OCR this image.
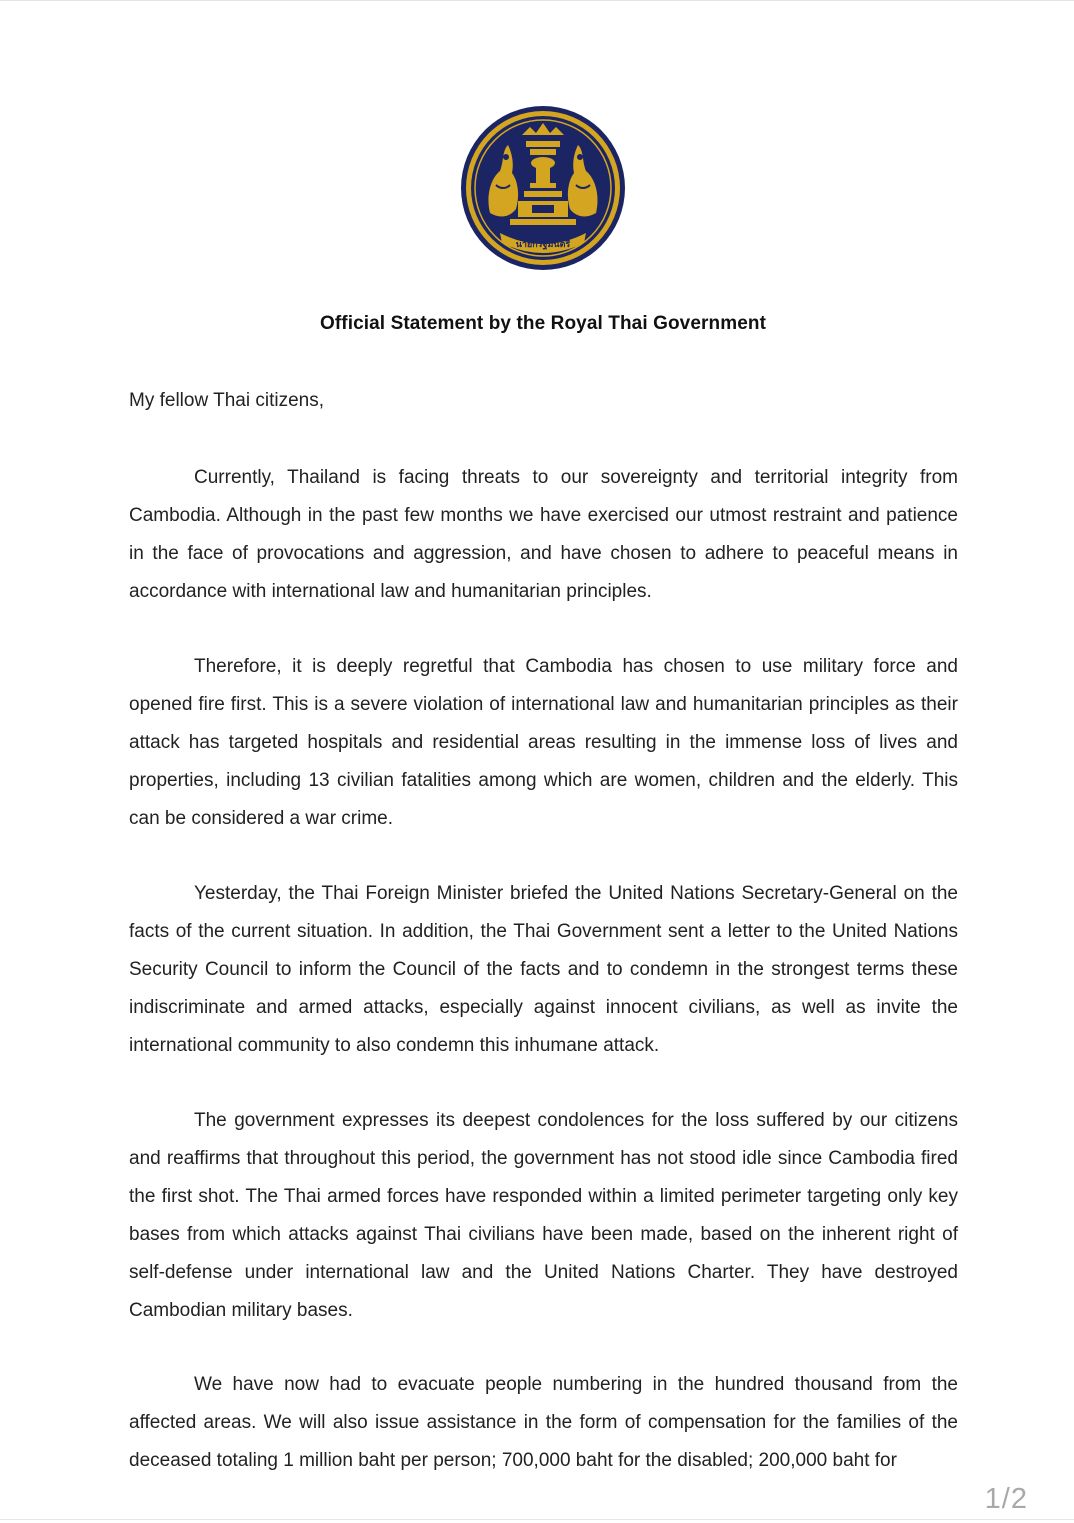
นายกรัฐมนตรี
Official Statement by the Royal Thai Government
My fellow Thai citizens,

Currently, Thailand is facing threats to our sovereignty and territorial integrity from Cambodia. Although in the past few months we have exercised our utmost restraint and patience in the face of provocations and aggression, and have chosen to adhere to peaceful means in accordance with international law and humanitarian principles.

Therefore, it is deeply regretful that Cambodia has chosen to use military force and opened fire first. This is a severe violation of international law and humanitarian principles as their attack has targeted hospitals and residential areas resulting in the immense loss of lives and properties, including 13 civilian fatalities among which are women, children and the elderly. This can be considered a war crime.

Yesterday, the Thai Foreign Minister briefed the United Nations Secretary-General on the facts of the current situation. In addition, the Thai Government sent a letter to the United Nations Security Council to inform the Council of the facts and to condemn in the strongest terms these indiscriminate and armed attacks, especially against innocent civilians, as well as invite the international community to also condemn this inhumane attack.

The government expresses its deepest condolences for the loss suffered by our citizens and reaffirms that throughout this period, the government has not stood idle since Cambodia fired the first shot. The Thai armed forces have responded within a limited perimeter targeting only key bases from which attacks against Thai civilians have been made, based on the inherent right of self-defense under international law and the United Nations Charter. They have destroyed Cambodian military bases.

We have now had to evacuate people numbering in the hundred thousand from the affected areas. We will also issue assistance in the form of compensation for the families of the deceased totaling 1 million baht per person; 700,000 baht for the disabled; 200,000 baht for

1/2
